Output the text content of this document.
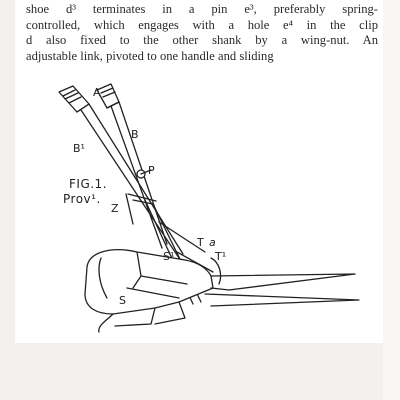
shoe d³ terminates in a pin e³, preferably spring-
controlled, which engages with a hole e⁴ in the clip
d also fixed to the other shank by a wing-nut. An
adjustable link, pivoted to one handle and sliding
A
B
B¹
P
FIG.1.
Prov¹.
Z
T a
T¹
S¹
S
